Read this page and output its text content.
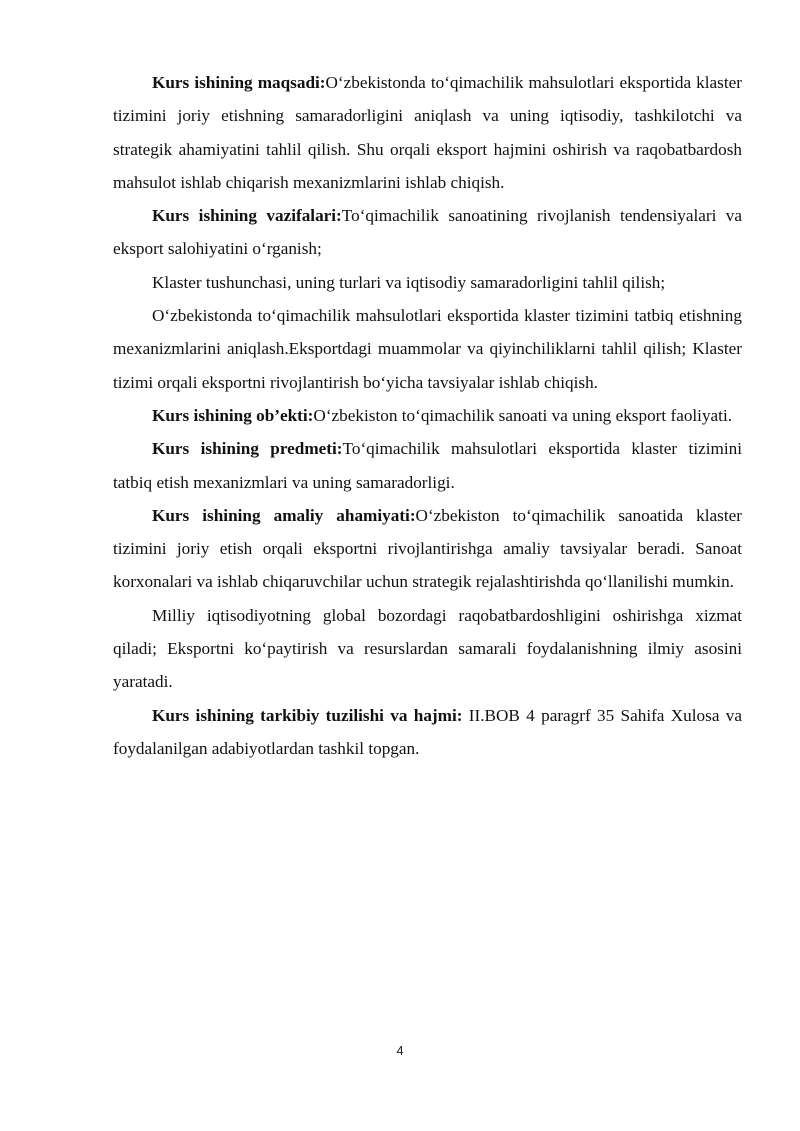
Kurs ishining maqsadi:O‘zbekistonda to‘qimachilik mahsulotlari eksportida klaster tizimini joriy etishning samaradorligini aniqlash va uning iqtisodiy, tashkilotchi va strategik ahamiyatini tahlil qilish. Shu orqali eksport hajmini oshirish va raqobatbardosh mahsulot ishlab chiqarish mexanizmlarini ishlab chiqish.

Kurs ishining vazifalari:To‘qimachilik sanoatining rivojlanish tendensiyalari va eksport salohiyatini o‘rganish;

Klaster tushunchasi, uning turlari va iqtisodiy samaradorligini tahlil qilish;

O‘zbekistonda to‘qimachilik mahsulotlari eksportida klaster tizimini tatbiq etishning mexanizmlarini aniqlash.Eksportdagi muammolar va qiyinchiliklarni tahlil qilish; Klaster tizimi orqali eksportni rivojlantirish bo‘yicha tavsiyalar ishlab chiqish.

Kurs ishining ob’ekti:O‘zbekiston to‘qimachilik sanoati va uning eksport faoliyati.

Kurs ishining predmeti:To‘qimachilik mahsulotlari eksportida klaster tizimini tatbiq etish mexanizmlari va uning samaradorligi.

Kurs ishining amaliy ahamiyati:O‘zbekiston to‘qimachilik sanoatida klaster tizimini joriy etish orqali eksportni rivojlantirishga amaliy tavsiyalar beradi. Sanoat korxonalari va ishlab chiqaruvchilar uchun strategik rejalashtirishda qo‘llanilishi mumkin.

Milliy iqtisodiyotning global bozordagi raqobatbardoshligini oshirishga xizmat qiladi; Eksportni ko‘paytirish va resurslardan samarali foydalanishning ilmiy asosini yaratadi.

Kurs ishining tarkibiy tuzilishi va hajmi: II.BOB 4 paragrf 35 Sahifa Xulosa va foydalanilgan adabiyotlardan tashkil topgan.

4
